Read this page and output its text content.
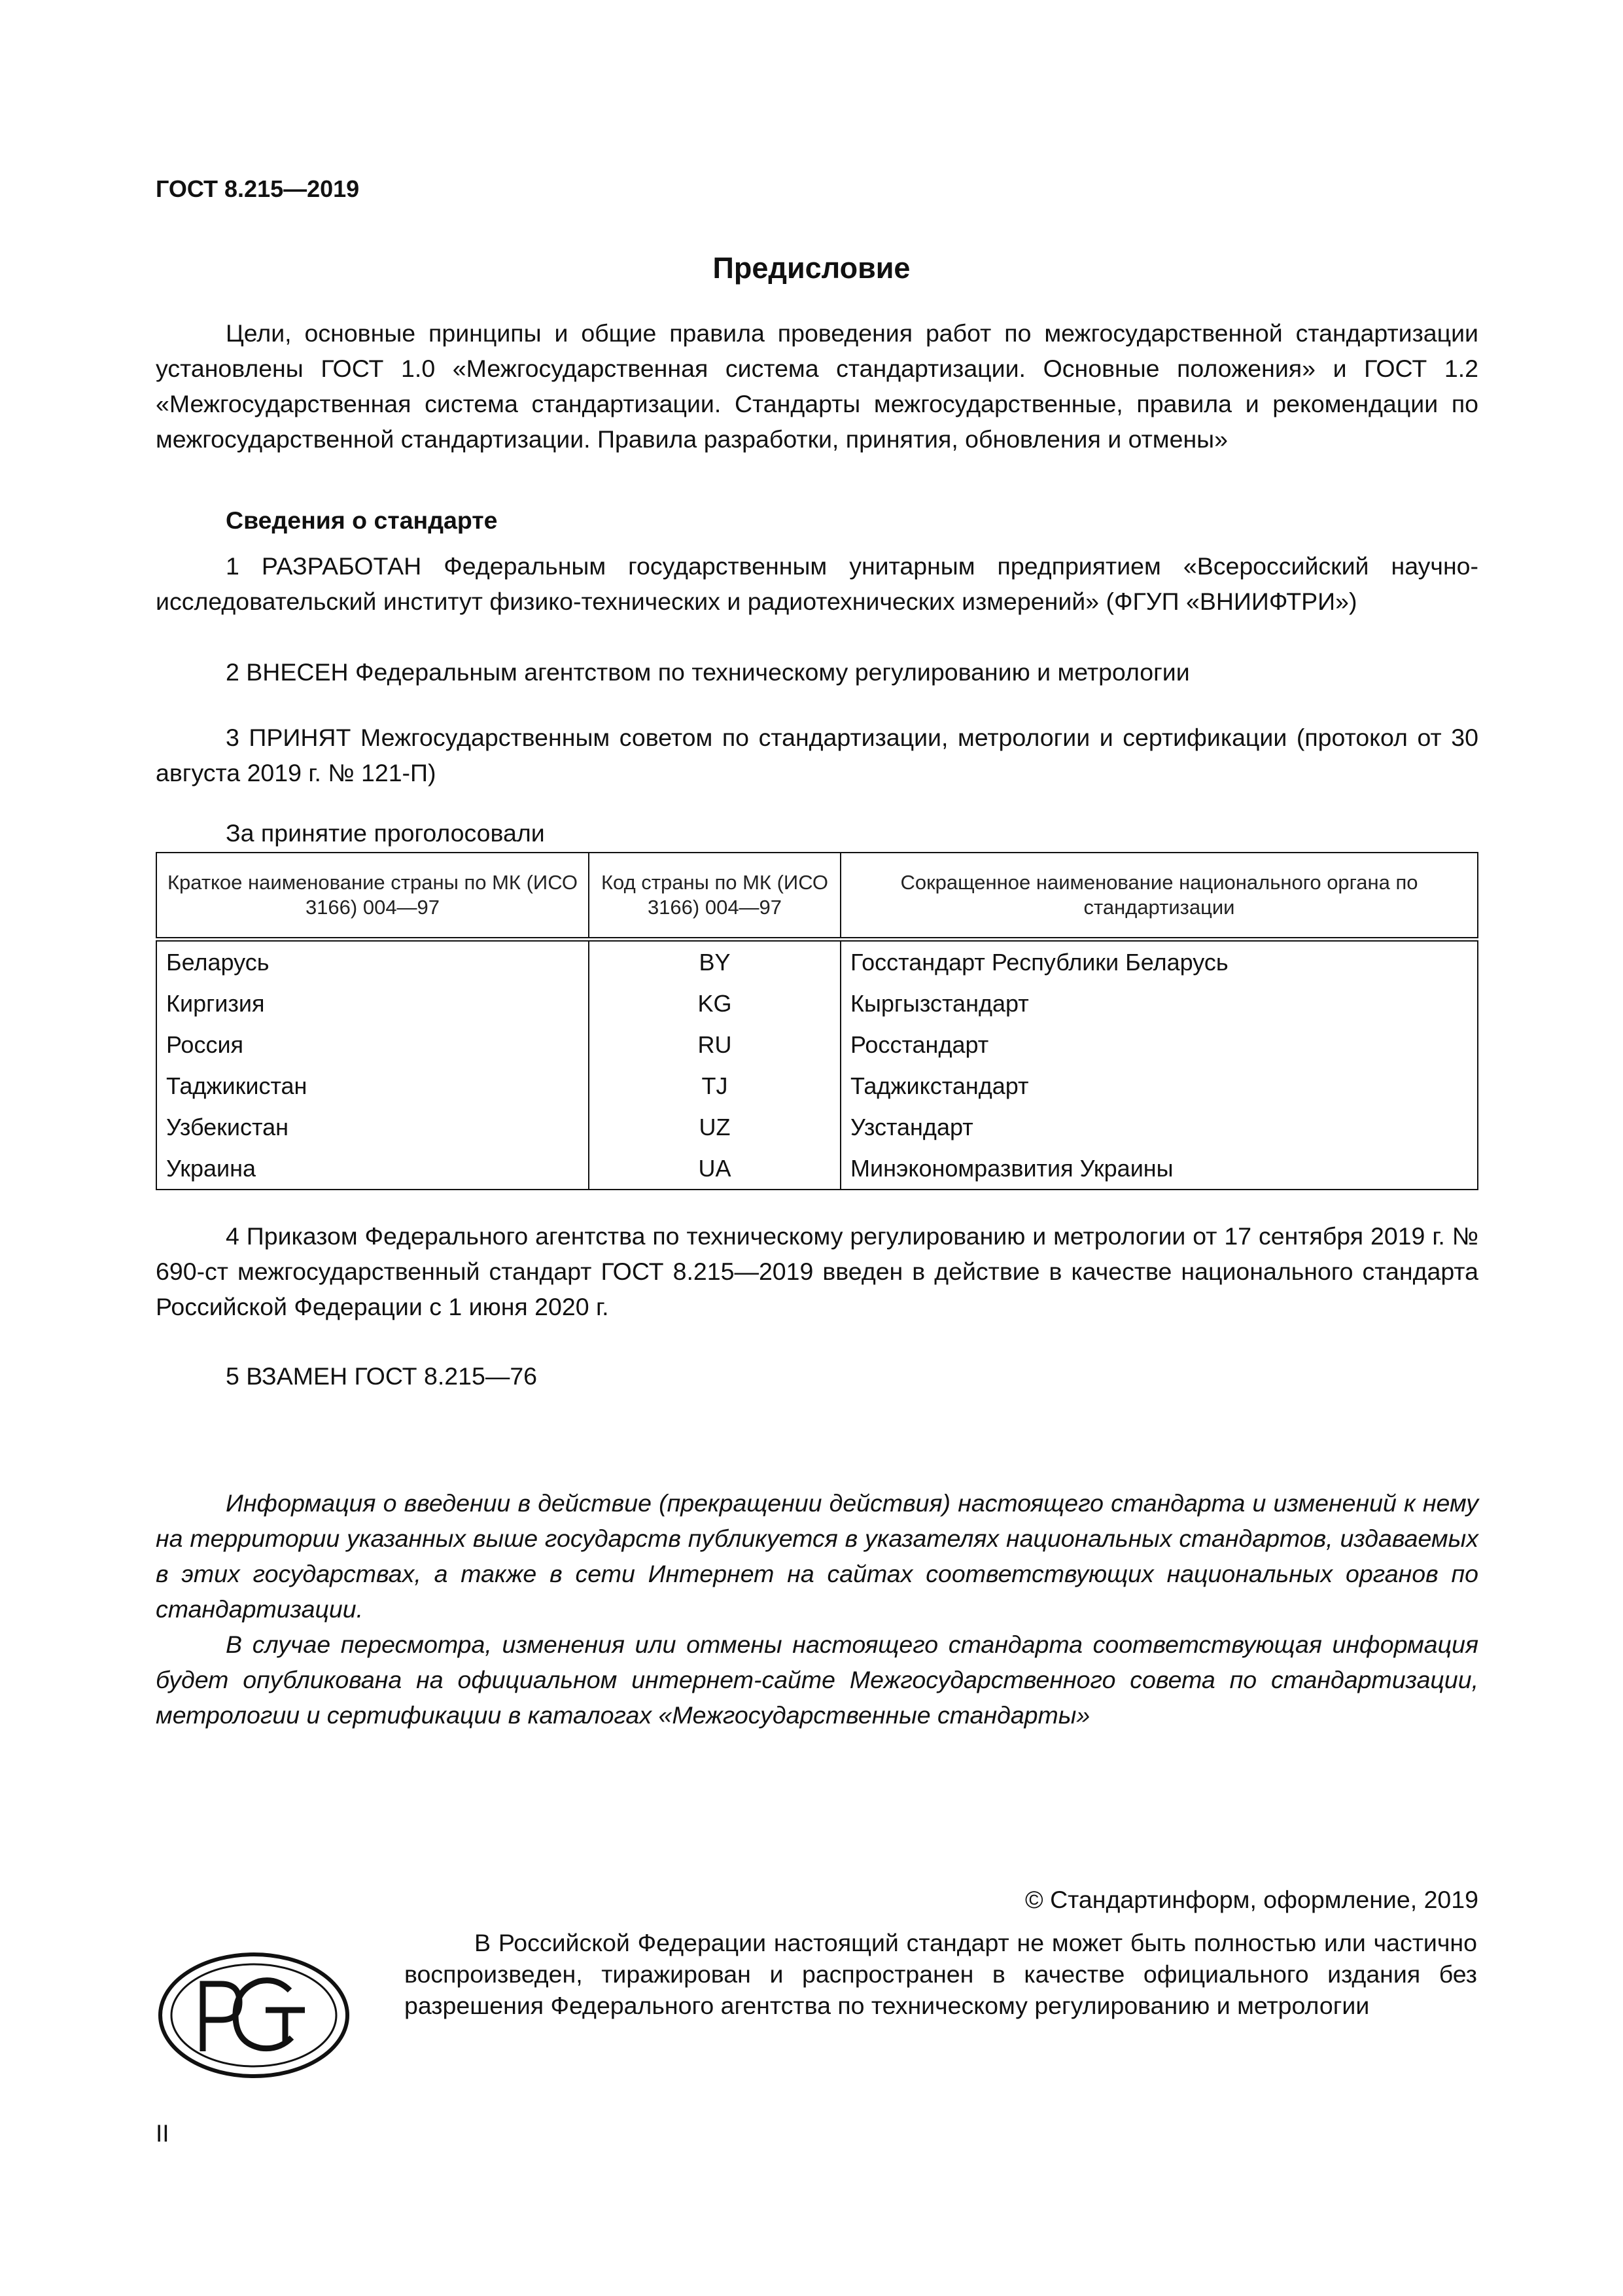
ГОСТ 8.215—2019
Предисловие

Цели, основные принципы и общие правила проведения работ по межгосударственной стандартизации установлены ГОСТ 1.0 «Межгосударственная система стандартизации. Основные положения» и ГОСТ 1.2 «Межгосударственная система стандартизации. Стандарты межгосударственные, правила и рекомендации по межгосударственной стандартизации. Правила разработки, принятия, обновления и отмены»

Сведения о стандарте

1 РАЗРАБОТАН Федеральным государственным унитарным предприятием «Всероссийский научно-исследовательский институт физико-технических и радиотехнических измерений» (ФГУП «ВНИИФТРИ»)

2 ВНЕСЕН Федеральным агентством по техническому регулированию и метрологии

3 ПРИНЯТ Межгосударственным советом по стандартизации, метрологии и сертификации (протокол от 30 августа 2019 г. № 121-П)

За принятие проголосовали
Краткое наименование страны по МК (ИСО 3166) 004—97	Код страны по МК (ИСО 3166) 004—97	Сокращенное наименование национального органа по стандартизации
Беларусь	BY	Госстандарт Республики Беларусь
Киргизия	KG	Кыргызстандарт
Россия	RU	Росстандарт
Таджикистан	TJ	Таджикстандарт
Узбекистан	UZ	Узстандарт
Украина	UA	Минэкономразвития Украины

4 Приказом Федерального агентства по техническому регулированию и метрологии от 17 сентября 2019 г. № 690-ст межгосударственный стандарт ГОСТ 8.215—2019 введен в действие в качестве национального стандарта Российской Федерации с 1 июня 2020 г.

5 ВЗАМЕН ГОСТ 8.215—76

Информация о введении в действие (прекращении действия) настоящего стандарта и изменений к нему на территории указанных выше государств публикуется в указателях национальных стандартов, издаваемых в этих государствах, а также в сети Интернет на сайтах соответствующих национальных органов по стандартизации.

В случае пересмотра, изменения или отмены настоящего стандарта соответствующая информация будет опубликована на официальном интернет-сайте Межгосударственного совета по стандартизации, метрологии и сертификации в каталогах «Межгосударственные стандарты»

© Стандартинформ, оформление, 2019

В Российской Федерации настоящий стандарт не может быть полностью или частично воспроизведен, тиражирован и распространен в качестве официального издания без разрешения Федерального агентства по техническому регулированию и метрологии

II
